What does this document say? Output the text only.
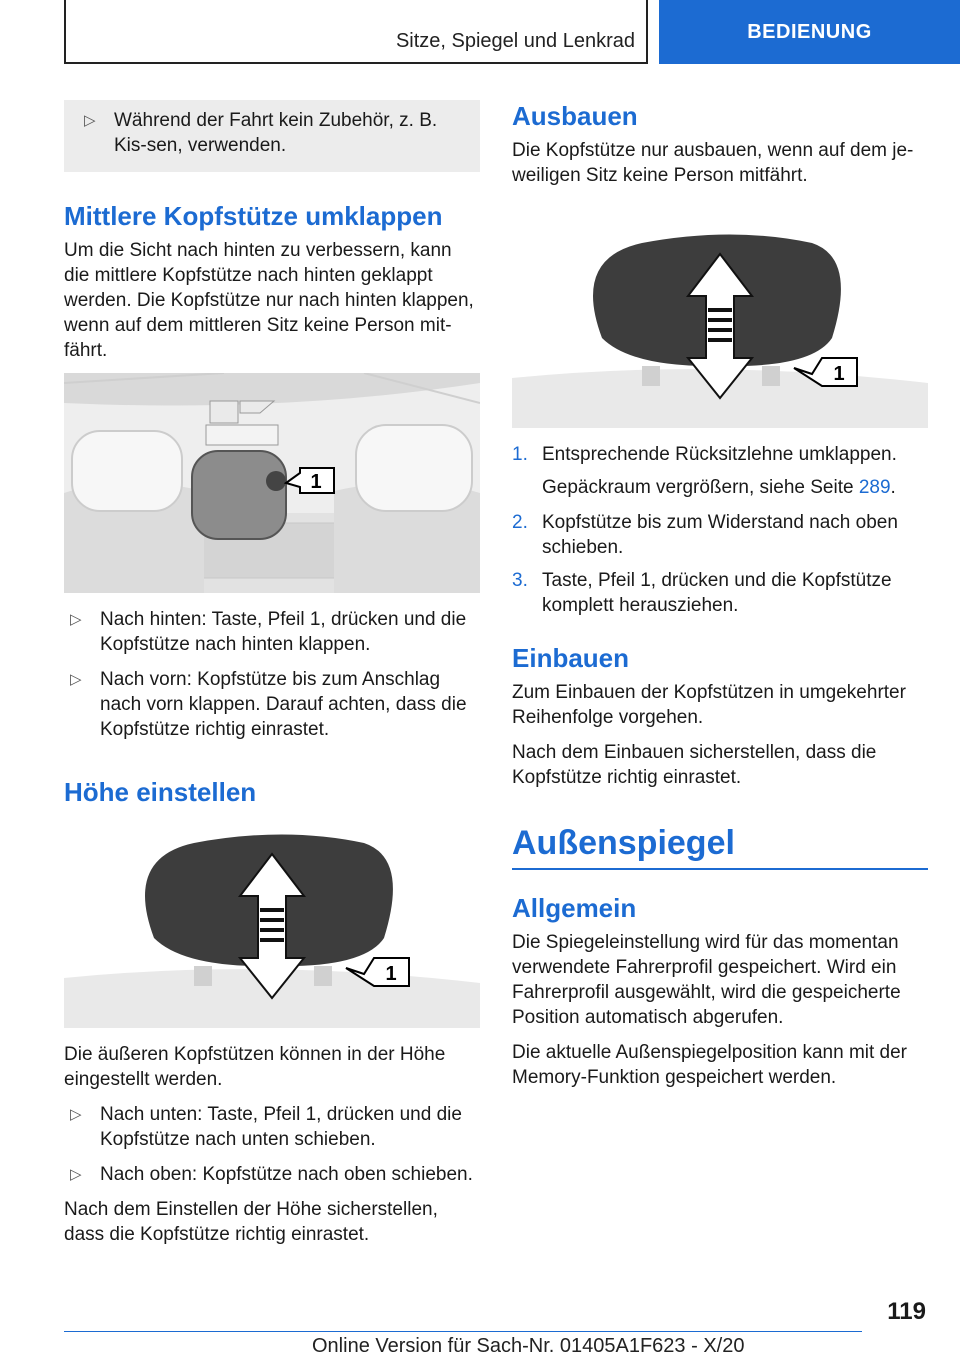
Sitze, Spiegel und Lenkrad	BEDIENUNG
▷ Während der Fahrt kein Zubehör, z. B. Kis-sen, verwenden.
Mittlere Kopfstütze umklappen

Um die Sicht nach hinten zu verbessern, kann die mittlere Kopfstütze nach hinten geklappt werden. Die Kopfstütze nur nach hinten klappen, wenn auf dem mittleren Sitz keine Person mit-fährt.

1
▷ Nach hinten: Taste, Pfeil 1, drücken und die Kopfstütze nach hinten klappen.
▷ Nach vorn: Kopfstütze bis zum Anschlag nach vorn klappen. Darauf achten, dass die Kopfstütze richtig einrastet.
Höhe einstellen
1

Die äußeren Kopfstützen können in der Höhe eingestellt werden.

▷ Nach unten: Taste, Pfeil 1, drücken und die Kopfstütze nach unten schieben.
▷ Nach oben: Kopfstütze nach oben schieben.

Nach dem Einstellen der Höhe sicherstellen, dass die Kopfstütze richtig einrastet.

Ausbauen

Die Kopfstütze nur ausbauen, wenn auf dem je-weiligen Sitz keine Person mitfährt.

1
1. Entsprechende Rücksitzlehne umklappen.
Gepäckraum vergrößern, siehe Seite 289.
2. Kopfstütze bis zum Widerstand nach oben schieben.
3. Taste, Pfeil 1, drücken und die Kopfstütze komplett herausziehen.
Einbauen

Zum Einbauen der Kopfstützen in umgekehrter Reihenfolge vorgehen.

Nach dem Einbauen sicherstellen, dass die Kopfstütze richtig einrastet.

Außenspiegel
Allgemein

Die Spiegeleinstellung wird für das momentan verwendete Fahrerprofil gespeichert. Wird ein Fahrerprofil ausgewählt, wird die gespeicherte Position automatisch abgerufen.

Die aktuelle Außenspiegelposition kann mit der Memory-Funktion gespeichert werden.

119
Online Version für Sach-Nr. 01405A1F623 - X/20
